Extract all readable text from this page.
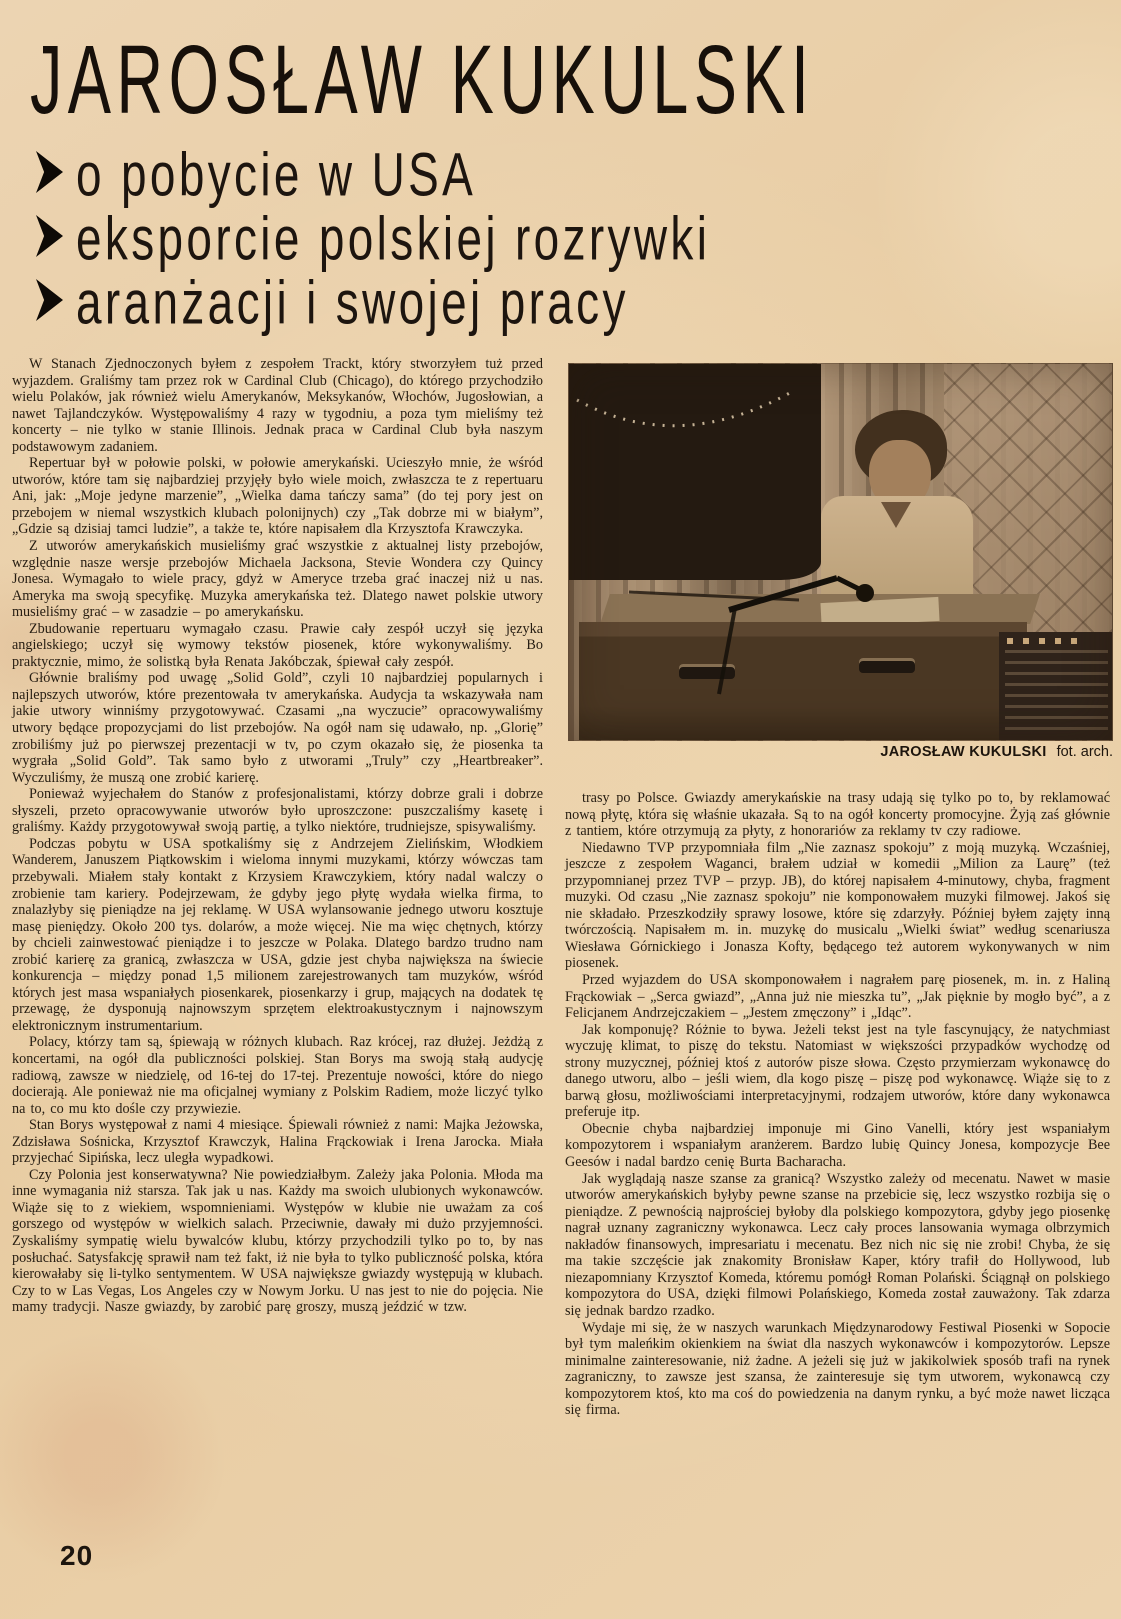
JAROSŁAW KUKULSKI
o pobycie w USA
eksporcie polskiej rozrywki
aranżacji i swojej pracy

W Stanach Zjednoczonych byłem z zespołem Trackt, który stworzyłem tuż przed wyjazdem. Graliśmy tam przez rok w Cardinal Club (Chicago), do którego przychodziło wielu Polaków, jak również wielu Amerykanów, Meksykanów, Włochów, Jugosłowian, a nawet Tajlandczyków. Występowaliśmy 4 razy w tygodniu, a poza tym mieliśmy też koncerty – nie tylko w stanie Illinois. Jednak praca w Cardinal Club była naszym podstawowym zadaniem.

Repertuar był w połowie polski, w połowie amerykański. Ucieszyło mnie, że wśród utworów, które tam się najbardziej przyjęły było wiele moich, zwłaszcza te z repertuaru Ani, jak: „Moje jedyne marzenie”, „Wielka dama tańczy sama” (do tej pory jest on przebojem w niemal wszystkich klubach polonijnych) czy „Tak dobrze mi w białym”, „Gdzie są dzisiaj tamci ludzie”, a także te, które napisałem dla Krzysztofa Krawczyka.

Z utworów amerykańskich musieliśmy grać wszystkie z aktualnej listy przebojów, względnie nasze wersje przebojów Michaela Jacksona, Stevie Wondera czy Quincy Jonesa. Wymagało to wiele pracy, gdyż w Ameryce trzeba grać inaczej niż u nas. Ameryka ma swoją specyfikę. Muzyka amerykańska też. Dlatego nawet polskie utwory musieliśmy grać – w zasadzie – po amerykańsku.

Zbudowanie repertuaru wymagało czasu. Prawie cały zespół uczył się języka angielskiego; uczył się wymowy tekstów piosenek, które wykonywaliśmy. Bo praktycznie, mimo, że solistką była Renata Jakóbczak, śpiewał cały zespół.

Głównie braliśmy pod uwagę „Solid Gold”, czyli 10 najbardziej popularnych i najlepszych utworów, które prezentowała tv amerykańska. Audycja ta wskazywała nam jakie utwory winniśmy przygotowywać. Czasami „na wyczucie” opracowywaliśmy utwory będące propozycjami do list przebojów. Na ogół nam się udawało, np. „Glorię” zrobiliśmy już po pierwszej prezentacji w tv, po czym okazało się, że piosenka ta wygrała „Solid Gold”. Tak samo było z utworami „Truly” czy „Heartbreaker”. Wyczuliśmy, że muszą one zrobić karierę.

Ponieważ wyjechałem do Stanów z profesjonalistami, którzy dobrze grali i dobrze słyszeli, przeto opracowywanie utworów było uproszczone: puszczaliśmy kasetę i graliśmy. Każdy przygotowywał swoją partię, a tylko niektóre, trudniejsze, spisywaliśmy.

Podczas pobytu w USA spotkaliśmy się z Andrzejem Zielińskim, Włodkiem Wanderem, Januszem Piątkowskim i wieloma innymi muzykami, którzy wówczas tam przebywali. Miałem stały kontakt z Krzysiem Krawczykiem, który nadal walczy o zrobienie tam kariery. Podejrzewam, że gdyby jego płytę wydała wielka firma, to znalazłyby się pieniądze na jej reklamę. W USA wylansowanie jednego utworu kosztuje masę pieniędzy. Około 200 tys. dolarów, a może więcej. Nie ma więc chętnych, którzy by chcieli zainwestować pieniądze i to jeszcze w Polaka. Dlatego bardzo trudno nam zrobić karierę za granicą, zwłaszcza w USA, gdzie jest chyba największa na świecie konkurencja – między ponad 1,5 milionem zarejestrowanych tam muzyków, wśród których jest masa wspaniałych piosenkarek, piosenkarzy i grup, mających na dodatek tę przewagę, że dysponują najnowszym sprzętem elektroakustycznym i najnowszym elektronicznym instrumentarium.

Polacy, którzy tam są, śpiewają w różnych klubach. Raz krócej, raz dłużej. Jeżdżą z koncertami, na ogół dla publiczności polskiej. Stan Borys ma swoją stałą audycję radiową, zawsze w niedzielę, od 16-tej do 17-tej. Prezentuje nowości, które do niego docierają. Ale ponieważ nie ma oficjalnej wymiany z Polskim Radiem, może liczyć tylko na to, co mu kto dośle czy przywiezie.

Stan Borys występował z nami 4 miesiące. Śpiewali również z nami: Majka Jeżowska, Zdzisława Sośnicka, Krzysztof Krawczyk, Halina Frąckowiak i Irena Jarocka. Miała przyjechać Sipińska, lecz uległa wypadkowi.

Czy Polonia jest konserwatywna? Nie powiedziałbym. Zależy jaka Polonia. Młoda ma inne wymagania niż starsza. Tak jak u nas. Każdy ma swoich ulubionych wykonawców. Wiąże się to z wiekiem, wspomnieniami. Występów w klubie nie uważam za coś gorszego od występów w wielkich salach. Przeciwnie, dawały mi dużo przyjemności. Zyskaliśmy sympatię wielu bywalców klubu, którzy przychodzili tylko po to, by nas posłuchać. Satysfakcję sprawił nam też fakt, iż nie była to tylko publiczność polska, która kierowałaby się li-tylko sentymentem. W USA największe gwiazdy występują w klubach. Czy to w Las Vegas, Los Angeles czy w Nowym Jorku. U nas jest to nie do pojęcia. Nie mamy tradycji. Nasze gwiazdy, by zarobić parę groszy, muszą jeździć w tzw.

JAROSŁAW KUKULSKI fot. arch.

trasy po Polsce. Gwiazdy amerykańskie na trasy udają się tylko po to, by reklamować nową płytę, która się właśnie ukazała. Są to na ogół koncerty promocyjne. Żyją zaś głównie z tantiem, które otrzymują za płyty, z honorariów za reklamy tv czy radiowe.

Niedawno TVP przypomniała film „Nie zaznasz spokoju” z moją muzyką. Wczaśniej, jeszcze z zespołem Waganci, brałem udział w komedii „Milion za Laurę” (też przypomnianej przez TVP – przyp. JB), do której napisałem 4-minutowy, chyba, fragment muzyki. Od czasu „Nie zaznasz spokoju” nie komponowałem muzyki filmowej. Jakoś się nie składało. Przeszkodziły sprawy losowe, które się zdarzyły. Później byłem zajęty inną twórczością. Napisałem m. in. muzykę do musicalu „Wielki świat” według scenariusza Wiesława Górnickiego i Jonasza Kofty, będącego też autorem wykonywanych w nim piosenek.

Przed wyjazdem do USA skomponowałem i nagrałem parę piosenek, m. in. z Haliną Frąckowiak – „Serca gwiazd”, „Anna już nie mieszka tu”, „Jak pięknie by mogło być”, a z Felicjanem Andrzejczakiem – „Jestem zmęczony” i „Idąc”.

Jak komponuję? Różnie to bywa. Jeżeli tekst jest na tyle fascynujący, że natychmiast wyczuję klimat, to piszę do tekstu. Natomiast w większości przypadków wychodzę od strony muzycznej, później ktoś z autorów pisze słowa. Często przymierzam wykonawcę do danego utworu, albo – jeśli wiem, dla kogo piszę – piszę pod wykonawcę. Wiąże się to z barwą głosu, możliwościami interpretacyjnymi, rodzajem utworów, które dany wykonawca preferuje itp.

Obecnie chyba najbardziej imponuje mi Gino Vanelli, który jest wspaniałym kompozytorem i wspaniałym aranżerem. Bardzo lubię Quincy Jonesa, kompozycje Bee Geesów i nadal bardzo cenię Burta Bacharacha.

Jak wyglądają nasze szanse za granicą? Wszystko zależy od mecenatu. Nawet w masie utworów amerykańskich byłyby pewne szanse na przebicie się, lecz wszystko rozbija się o pieniądze. Z pewnością najprościej byłoby dla polskiego kompozytora, gdyby jego piosenkę nagrał uznany zagraniczny wykonawca. Lecz cały proces lansowania wymaga olbrzymich nakładów finansowych, impresariatu i mecenatu. Bez nich nic się nie zrobi! Chyba, że się ma takie szczęście jak znakomity Bronisław Kaper, który trafił do Hollywood, lub niezapomniany Krzysztof Komeda, któremu pomógł Roman Polański. Ściągnął on polskiego kompozytora do USA, dzięki filmowi Polańskiego, Komeda został zauważony. Tak zdarza się jednak bardzo rzadko.

Wydaje mi się, że w naszych warunkach Międzynarodowy Festiwal Piosenki w Sopocie był tym maleńkim okienkiem na świat dla naszych wykonawców i kompozytorów. Lepsze minimalne zainteresowanie, niż żadne. A jeżeli się już w jakikolwiek sposób trafi na rynek zagraniczny, to zawsze jest szansa, że zainteresuje się tym utworem, wykonawcą czy kompozytorem ktoś, kto ma coś do powiedzenia na danym rynku, a być może nawet licząca się firma.

20
